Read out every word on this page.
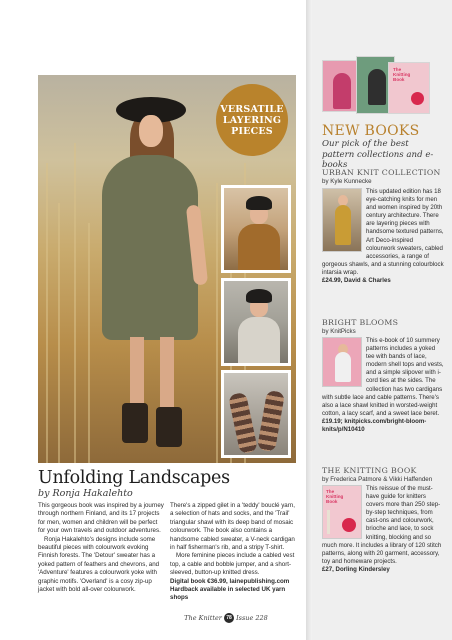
VERSATILE
LAYERING
PIECES
Unfolding Landscapes
by Ronja Hakalehto

This gorgeous book was inspired by a journey through northern Finland, and its 17 projects for men, women and children will be perfect for your own travels and outdoor adventures.

Ronja Hakalehto's designs include some beautiful pieces with colourwork evoking Finnish forests. The 'Detour' sweater has a yoked pattern of feathers and chevrons, and 'Adventure' features a colourwork yoke with graphic motifs. 'Overland' is a cosy zip-up jacket with bold all-over colourwork.

There's a zipped gilet in a 'teddy' bouclé yarn, a selection of hats and socks, and the 'Trail' triangular shawl with its deep band of mosaic colourwork. The book also contains a handsome cabled sweater, a V-neck cardigan in half fisherman's rib, and a stripy T-shirt.

More feminine pieces include a cabled vest top, a cable and bobble jumper, and a short-sleeved, button-up knitted dress.

Digital book €36.99, lainepublishing.com Hardback available in selected UK yarn shops

The Knitter 78 Issue 228
The
Knitting
Book
NEW BOOKS
Our pick of the best pattern collections and e-books
URBAN KNIT COLLECTION
by Kyle Kunnecke
This updated edition has 18 eye-catching knits for men and women inspired by 20th century architecture. There are layering pieces with handsome textured patterns, Art Deco-inspired colourwork sweaters, cabled accessories, a range of gorgeous shawls, and a stunning colourblock intarsia wrap.
£24.99, David & Charles
BRIGHT BLOOMS
by KnitPicks
This e-book of 10 summery patterns includes a yoked tee with bands of lace, modern shell tops and vests, and a simple slipover with i-cord ties at the sides. The collection has two cardigans with subtle lace and cable patterns. There's also a lace shawl knitted in worsted-weight cotton, a lacy scarf, and a sweet lace beret.
£19.19; knitpicks.com/bright-bloom-knits/p/N10410
THE KNITTING BOOK
by Frederica Patmore & Vikki Haffenden
The
Knitting
Book
This reissue of the must-have guide for knitters covers more than 250 step-by-step techniques, from cast-ons and colourwork, brioche and lace, to sock knitting, blocking and so much more. It includes a library of 120 stitch patterns, along with 20 garment, accessory, toy and homeware projects.
£27, Dorling Kindersley
